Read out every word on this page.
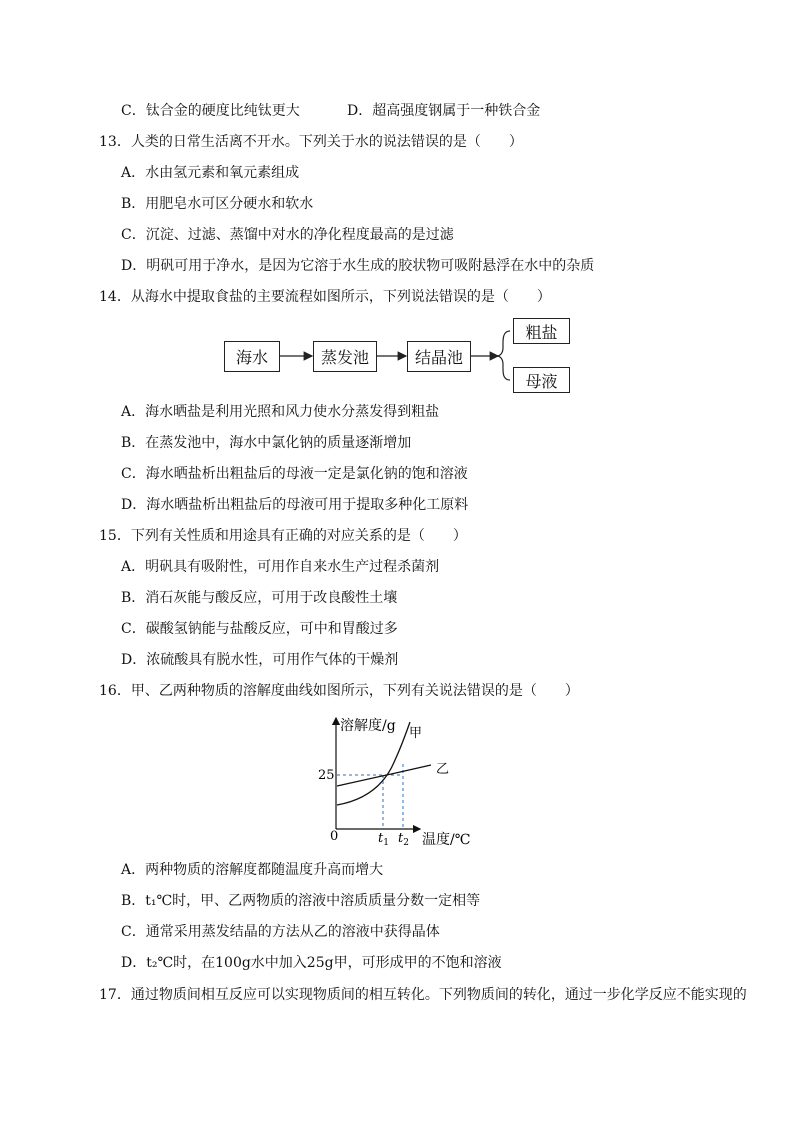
C．钛合金的硬度比纯钛更大	D．超高强度钢属于一种铁合金
13．人类的日常生活离不开水。下列关于水的说法错误的是（　　）
A．水由氢元素和氧元素组成
B．用肥皂水可区分硬水和软水
C．沉淀、过滤、蒸馏中对水的净化程度最高的是过滤
D．明矾可用于净水，是因为它溶于水生成的胶状物可吸附悬浮在水中的杂质
14．从海水中提取食盐的主要流程如图所示，下列说法错误的是（　　）
海水	蒸发池	结晶池
粗盐
母液
A．海水晒盐是利用光照和风力使水分蒸发得到粗盐
B．在蒸发池中，海水中氯化钠的质量逐渐增加
C．海水晒盐析出粗盐后的母液一定是氯化钠的饱和溶液
D．海水晒盐析出粗盐后的母液可用于提取多种化工原料
15．下列有关性质和用途具有正确的对应关系的是（　　）
A．明矾具有吸附性，可用作自来水生产过程杀菌剂
B．消石灰能与酸反应，可用于改良酸性土壤
C．碳酸氢钠能与盐酸反应，可中和胃酸过多
D．浓硫酸具有脱水性，可用作气体的干燥剂
16．甲、乙两种物质的溶解度曲线如图所示，下列有关说法错误的是（　　）
溶解度/g 甲
乙
25
0	$t_1$ $t_2$ 温度/℃
A．两种物质的溶解度都随温度升高而增大
B．t₁℃时，甲、乙两物质的溶液中溶质质量分数一定相等
C．通常采用蒸发结晶的方法从乙的溶液中获得晶体
D．t₂℃时，在100g水中加入25g甲，可形成甲的不饱和溶液
17．通过物质间相互反应可以实现物质间的相互转化。下列物质间的转化，通过一步化学反应不能实现的
